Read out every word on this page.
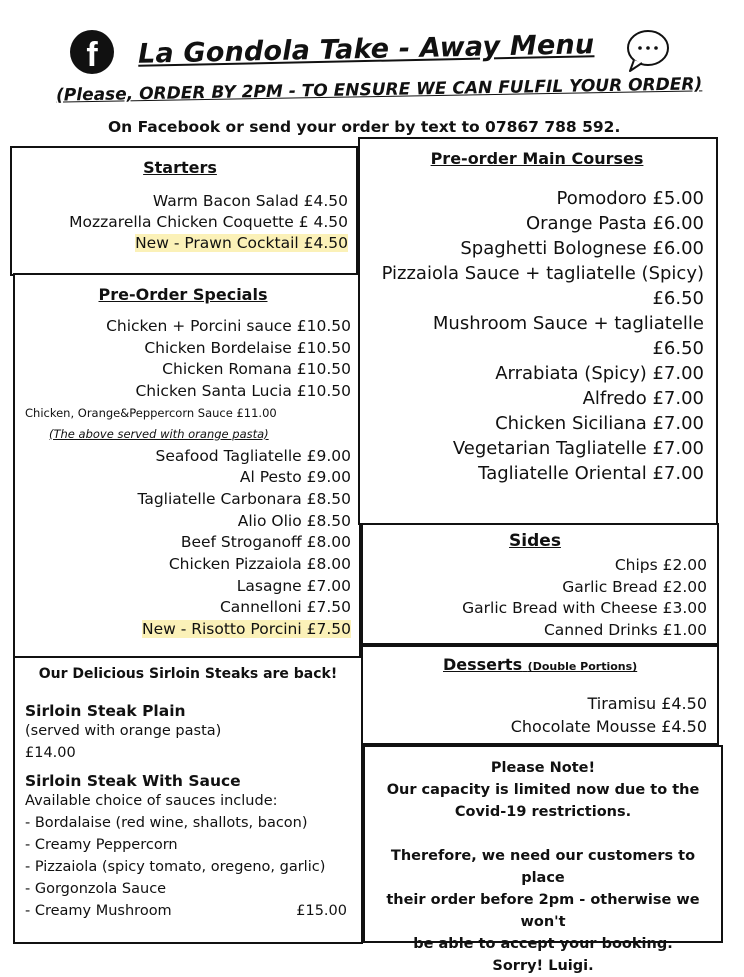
f	La Gondola Take - Away Menu
(Please, ORDER BY 2PM - TO ENSURE WE CAN FULFIL YOUR ORDER)
On Facebook or send your order by text to 07867 788 592.
Starters
Warm Bacon Salad £4.50
Mozzarella Chicken Coquette £ 4.50
New - Prawn Cocktail £4.50
Pre-Order Specials
Chicken + Porcini sauce £10.50
Chicken Bordelaise £10.50
Chicken Romana £10.50
Chicken Santa Lucia £10.50
Chicken, Orange&Peppercorn Sauce £11.00
(The above served with orange pasta)
Seafood Tagliatelle £9.00
Al Pesto £9.00
Tagliatelle Carbonara £8.50
Alio Olio £8.50
Beef Stroganoff £8.00
Chicken Pizzaiola £8.00
Lasagne £7.00
Cannelloni £7.50
New - Risotto Porcini £7.50
Pre-order Main Courses
Pomodoro £5.00
Orange Pasta £6.00
Spaghetti Bolognese £6.00
Pizzaiola Sauce + tagliatelle (Spicy)
£6.50
Mushroom Sauce + tagliatelle
£6.50
Arrabiata (Spicy) £7.00
Alfredo £7.00
Chicken Siciliana £7.00
Vegetarian Tagliatelle £7.00
Tagliatelle Oriental £7.00
Sides
Chips £2.00
Garlic Bread £2.00
Garlic Bread with Cheese £3.00
Canned Drinks £1.00
Desserts (Double Portions)
Tiramisu £4.50
Chocolate Mousse £4.50
Our Delicious Sirloin Steaks are back!
Sirloin Steak Plain
(served with orange pasta)
£14.00
Sirloin Steak With Sauce
Available choice of sauces include:
- Bordalaise (red wine, shallots, bacon)
- Creamy Peppercorn
- Pizzaiola (spicy tomato, oregeno, garlic)
- Gorgonzola Sauce
- Creamy Mushroom	£15.00
Please Note!
Our capacity is limited now due to the
Covid-19 restrictions.
Therefore, we need our customers to place
their order before 2pm - otherwise we won't
be able to accept your booking.
Sorry! Luigi.
